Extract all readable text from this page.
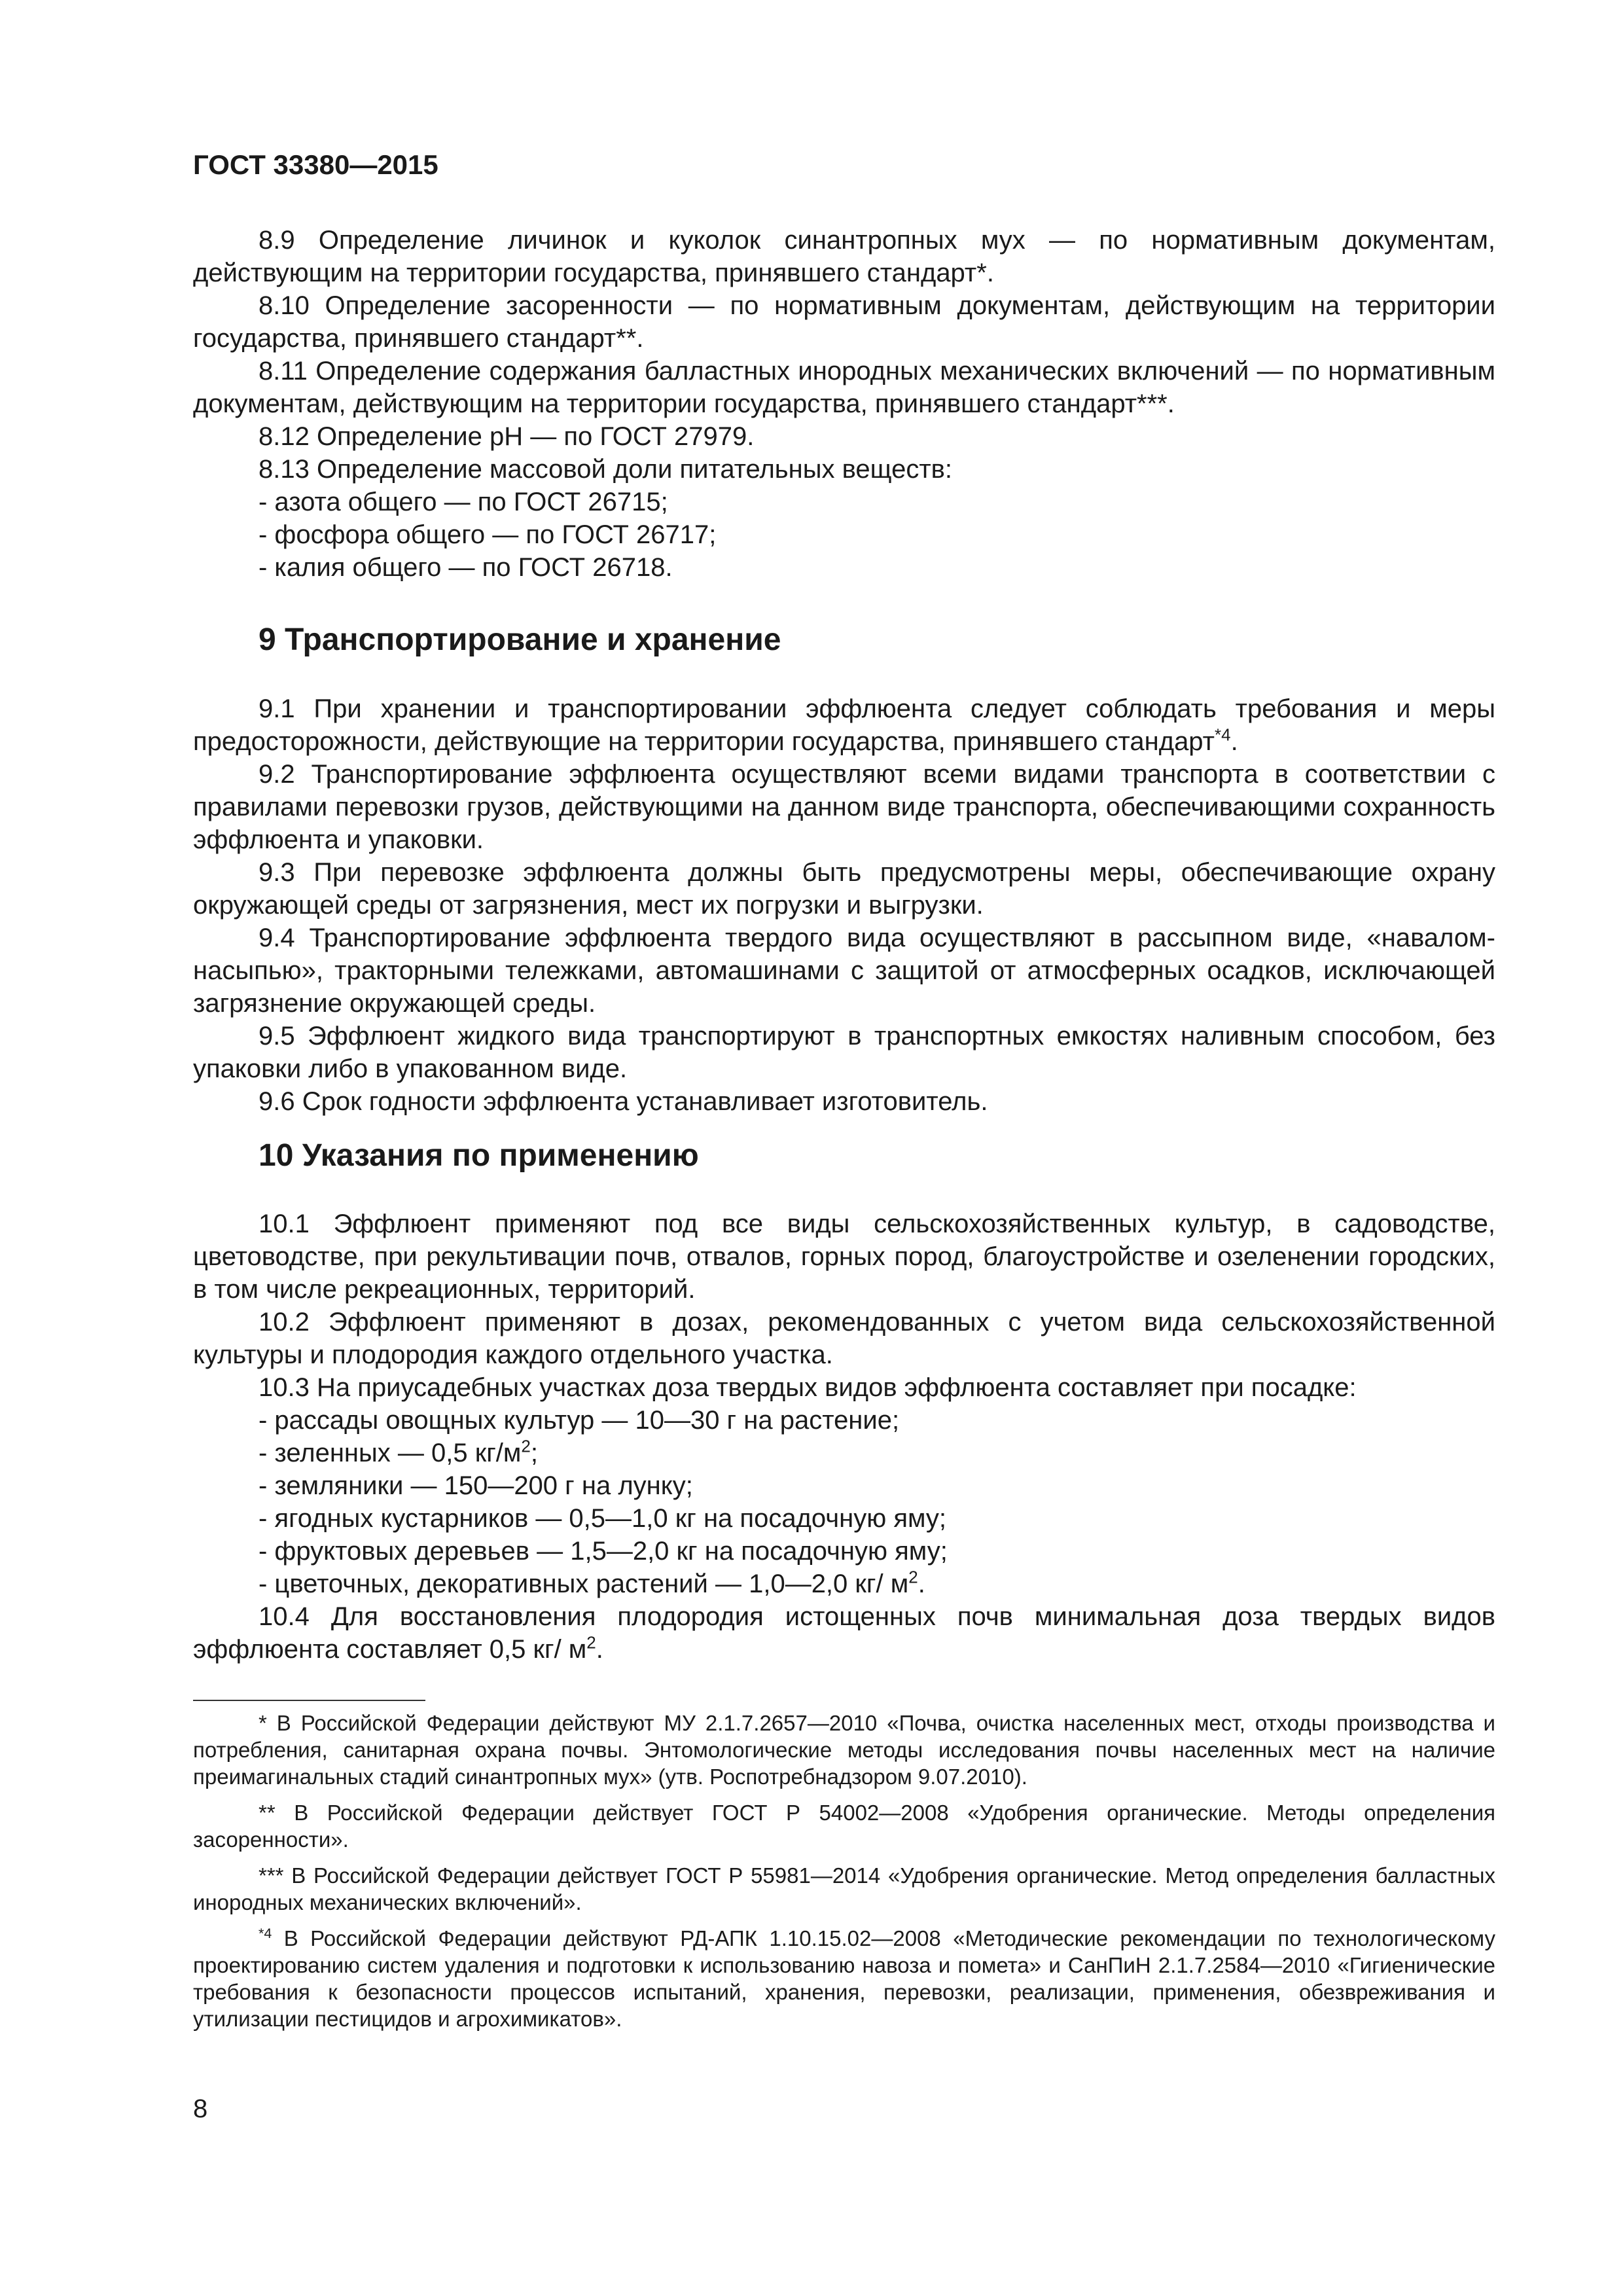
ГОСТ 33380—2015

8.9 Определение личинок и куколок синантропных мух — по нормативным документам, действующим на территории государства, принявшего стандарт*.

8.10 Определение засоренности — по нормативным документам, действующим на территории государства, принявшего стандарт**.

8.11 Определение содержания балластных инородных механических включений — по нормативным документам, действующим на территории государства, принявшего стандарт***.

8.12 Определение pH — по ГОСТ 27979.

8.13 Определение массовой доли питательных веществ:

- азота общего — по ГОСТ 26715;
- фосфора общего — по ГОСТ 26717;
- калия общего — по ГОСТ 26718.
9 Транспортирование и хранение

9.1 При хранении и транспортировании эффлюента следует соблюдать требования и меры предосторожности, действующие на территории государства, принявшего стандарт$^{*4}$.

9.2 Транспортирование эффлюента осуществляют всеми видами транспорта в соответствии с правилами перевозки грузов, действующими на данном виде транспорта, обеспечивающими сохранность эффлюента и упаковки.

9.3 При перевозке эффлюента должны быть предусмотрены меры, обеспечивающие охрану окружающей среды от загрязнения, мест их погрузки и выгрузки.

9.4 Транспортирование эффлюента твердого вида осуществляют в рассыпном виде, «навалом-насыпью», тракторными тележками, автомашинами с защитой от атмосферных осадков, исключающей загрязнение окружающей среды.

9.5 Эффлюент жидкого вида транспортируют в транспортных емкостях наливным способом, без упаковки либо в упакованном виде.

9.6 Срок годности эффлюента устанавливает изготовитель.

10 Указания по применению

10.1 Эффлюент применяют под все виды сельскохозяйственных культур, в садоводстве, цветоводстве, при рекультивации почв, отвалов, горных пород, благоустройстве и озеленении городских, в том числе рекреационных, территорий.

10.2 Эффлюент применяют в дозах, рекомендованных с учетом вида сельскохозяйственной культуры и плодородия каждого отдельного участка.

10.3 На приусадебных участках доза твердых видов эффлюента составляет при посадке:

- рассады овощных культур — 10—30 г на растение;
- зеленных — 0,5 $кг/м^2$;
- земляники — 150—200 г на лунку;
- ягодных кустарников — 0,5—1,0 кг на посадочную яму;
- фруктовых деревьев — 1,5—2,0 кг на посадочную яму;
- цветочных, декоративных растений — 1,0—2,0 кг/ $м^2$.

10.4 Для восстановления плодородия истощенных почв минимальная доза твердых видов эффлюента составляет 0,5 кг/ $м^2$.

* В Российской Федерации действуют МУ 2.1.7.2657—2010 «Почва, очистка населенных мест, отходы производства и потребления, санитарная охрана почвы. Энтомологические методы исследования почвы населенных мест на наличие преимагинальных стадий синантропных мух» (утв. Роспотребнадзором 9.07.2010).

** В Российской Федерации действует ГОСТ Р 54002—2008 «Удобрения органические. Методы определения засоренности».

*** В Российской Федерации действует ГОСТ Р 55981—2014 «Удобрения органические. Метод определения балластных инородных механических включений».

$^{*4}$ В Российской Федерации действуют РД-АПК 1.10.15.02—2008 «Методические рекомендации по технологическому проектированию систем удаления и подготовки к использованию навоза и помета» и СанПиН 2.1.7.2584—2010 «Гигиенические требования к безопасности процессов испытаний, хранения, перевозки, реализации, применения, обезвреживания и утилизации пестицидов и агрохимикатов».

8
